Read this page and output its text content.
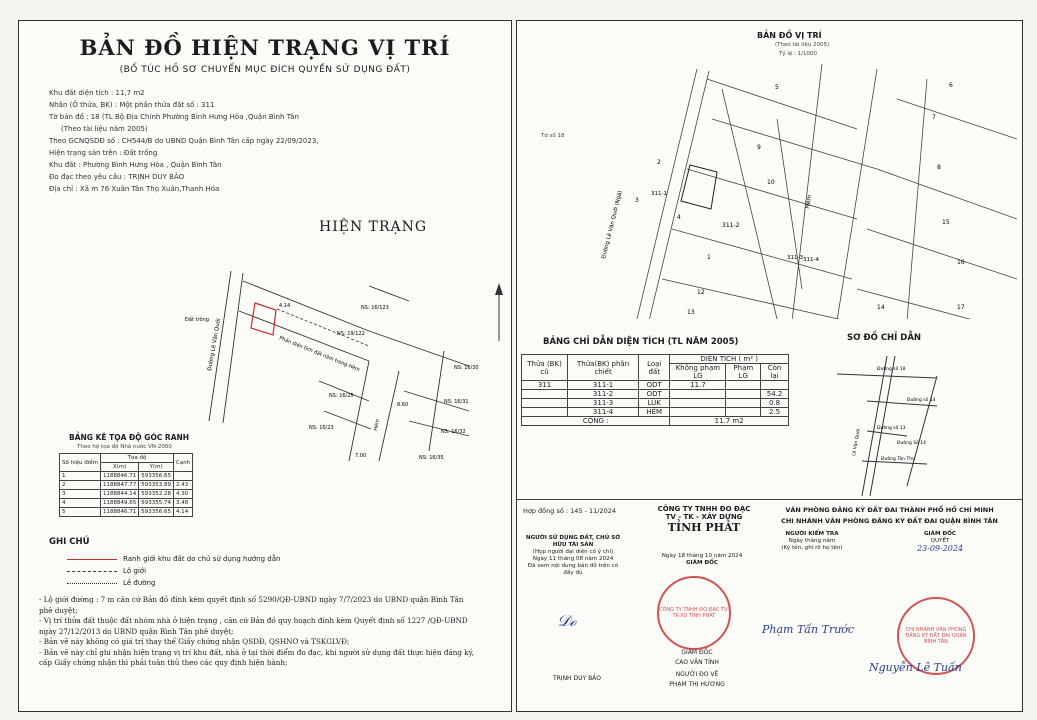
BẢN ĐỒ HIỆN TRẠNG VỊ TRÍ
(BỔ TÚC HỒ SƠ CHUYỂN MỤC ĐÍCH QUYỀN SỬ DỤNG ĐẤT)
Khu đất diện tích : 11,7 m2
Nhãn (Ô thửa, BK) : Một phần thửa đất số : 311
Tờ bản đồ : 18 (TL Bộ Địa Chính Phường Bình Hưng Hòa ,Quận Bình Tân
(Theo tài liệu năm 2005)
Theo GCNQSDĐ số : CH544/B do UBND Quận Bình Tân cấp ngày 22/09/2023,
Hiện trạng sản trên : Đất trống
Khu đất : Phường Bình Hưng Hòa , Quận Bình Tân
Đo đạc theo yêu cầu : TRỊNH DUY BẢO
Địa chỉ : Xã m 76 Xuân Tân Thọ Xuân,Thanh Hóa
HIỆN TRẠNG
Đường Lê Văn Quới
Đất trống
Phần diện tích đất nằm trong Hẻm
NS: 16/123
NS: 19/122
NS: 16/25
NS: 16/23
NS: 16/30
NS: 16/31
NS: 16/32
NS: 16/35
Hẻm
4.14
8.60
7.00
BẢNG KÊ TỌA ĐỘ GÓC RANH
Theo hệ tọa độ Nhà nước VN-2000
Số hiệu điểm	Tọa độ		Cạnh
	X(m)	Y(m)	
1	1188846.71	593356.65	
2	1188847.77	593353.89	2.43
3	1188844.14	593352.28	4.30
4	1188849.65	593355.74	3.48
5	1188846.71	593356.65	4.14
GHI CHÚ
Ranh giới khu đất do chủ sử dụng hướng dẫn
Lộ giới
Lề đường
- Lộ giới đường : 7 m căn cứ Bản đồ đính kèm quyết định số 5290/QĐ-UBND ngày 7/7/2023 do UBND quận Bình Tân
phê duyệt;
- Vị trí thửa đất thuộc đất nhóm nhà ở hiện trạng , căn cứ Bản đồ quy hoạch đính kèm Quyết định số 1227 /QĐ-UBND
ngày 27/12/2013 do UBND quận Bình Tân phê duyệt;
- Bản vẽ này không có giá trị thay thế Giấy chứng nhận QSDĐ, QSHNƠ và TSKGLVĐ;
- Bản vẽ này chỉ ghi nhận hiện trạng vị trí khu đất, nhà ở tại thời điểm đo đạc, khi người sử dụng đất thực hiện đăng ký,
cấp Giấy chứng nhận thì phải tuân thủ theo các quy định hiện hành;
BẢN ĐỒ VỊ TRÍ
(Theo tài liệu 2005)
Tỷ lệ : 1/1000
Tờ số 18
Đường Lê Văn Quới (Ngã)	Hẻm
5
9
10
3
311-1
311-2
311-3 311-4
2
4
1
12
13
14
15
16
17
8
7
6
BẢNG CHỈ DẪN DIỆN TÍCH (TL NĂM 2005)
Thửa (BK) cũ	Thửa(BK) phân chiết	Loại đất	DIỆN TÍCH ( m² )		
			Không phạm LG	Phạm LG	Còn lại
311	311-1	ODT	11.7		
	311-2	ODT			54.2
	311-3	LUK			0.8
	311-4	HẺM			2.5
CỘNG :			11.7 m2		
SƠ ĐỒ CHỈ DẪN
Đường số 18
Lê Văn Quới
Đường số 14
Đường số 13
Đường Tân Thọ
Đường Số 14
Hợp đồng số : 145 - 11/2024	CÔNG TY TNHH ĐO ĐẠC
TV - TK - XÂY DỰNG
TỈNH PHÁT
VĂN PHÒNG ĐĂNG KÝ ĐẤT ĐAI THÀNH PHỐ HỒ CHÍ MINH
CHI NHÁNH VĂN PHÒNG ĐĂNG KÝ ĐẤT ĐAI QUẬN BÌNH TÂN
NGƯỜI SỬ DỤNG ĐẤT, CHỦ SỞ HỮU TÀI SẢN
(Họp người đại diện có ý chí)
Ngày 11 tháng 08 năm 2024
Đã xem nội dung bản đồ trên có đầy đủ
𝒟ℴ
TRỊNH DUY BẢO
Ngày 18 tháng 10 năm 2024
GIÁM ĐỐC
CÔNG TY TNHH ĐO ĐẠC TV-TK-XD TỈNH PHÁT
GIÁM ĐỐC
CAO VĂN TÍNH
NGƯỜI ĐO VẼ
PHẠM THỊ HƯƠNG
NGƯỜI KIỂM TRA
Ngày tháng năm
(Ký tên, ghi rõ họ tên)
Phạm Tấn Trước
GIÁM ĐỐC
QUYẾT
23-09-2024
CHI NHÁNH VĂN PHÒNG ĐĂNG KÝ ĐẤT ĐAI QUẬN BÌNH TÂN
Nguyễn Lê Tuấn
